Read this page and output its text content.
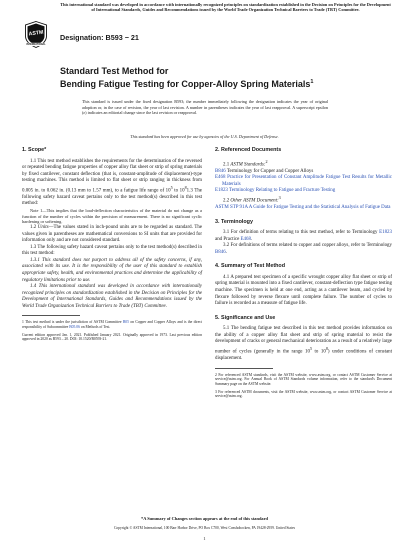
This international standard was developed in accordance with internationally recognized principles on standardization established in the Decision on Principles for the Development of International Standards, Guides and Recommendations issued by the World Trade Organization Technical Barriers to Trade (TBT) Committee.
ASTM
INTERNATIONAL
Designation: B593 − 21
Standard Test Method for
Bending Fatigue Testing for Copper-Alloy Spring Materials$^1$
This standard is issued under the fixed designation B593; the number immediately following the designation indicates the year of original adoption or, in the case of revision, the year of last revision. A number in parentheses indicates the year of last reapproval. A superscript epsilon (ε) indicates an editorial change since the last revision or reapproval.
This standard has been approved for use by agencies of the U.S. Department of Defense.
1. Scope*

1.1 This test method establishes the requirements for the determination of the reversed or repeated bending fatigue properties of copper alloy flat sheet or strip of spring materials by fixed cantilever, constant deflection (that is, constant-amplitude of displacement)-type testing machines. This method is limited to flat sheet or strip ranging in thickness from 0.005 in. to 0.062 in. (0.13 mm to 1.57 mm), to a fatigue life range of $10^5$ to $10^81.3$ The following safety hazard caveat pertains only to the test method(s) described in this test method:

Note 1—This implies that the load-deflection characteristics of the material do not change as a function of the number of cycles within the precision of measurement. There is no significant cyclic hardening or softening.

1.2 Units—The values stated in inch-pound units are to be regarded as standard. The values given in parentheses are mathematical conversions to SI units that are provided for information only and are not considered standard.

1.3 The following safety hazard caveat pertains only to the test method(s) described in this test method:

1.3.1 This standard does not purport to address all of the safety concerns, if any, associated with its use. It is the responsibility of the user of this standard to establish appropriate safety, health, and environmental practices and determine the applicability of regulatory limitations prior to use.

1.4 This international standard was developed in accordance with internationally recognized principles on standardization established in the Decision on Principles for the Development of International Standards, Guides and Recommendations issued by the World Trade Organization Technical Barriers to Trade (TBT) Committee.

1 This test method is under the jurisdiction of ASTM Committee B05 on Copper and Copper Alloys and is the direct responsibility of Subcommittee B05.06 on Methods of Test.

Current edition approved Jan. 1, 2021. Published January 2021. Originally approved in 1973. Last previous edition approved in 2020 as B593 – 20. DOI: 10.1520/B0593-21.

2. Referenced Documents

2.1 ASTM Standards:$^2$

B846 Terminology for Copper and Copper Alloys

E468 Practice for Presentation of Constant Amplitude Fatigue Test Results for Metallic Materials

E1823 Terminology Relating to Fatigue and Fracture Testing

2.2 Other ASTM Document:$^3$

ASTM STP 91A A Guide for Fatigue Testing and the Statistical Analysis of Fatigue Data

3. Terminology

3.1 For definition of terms relating to this test method, refer to Terminology E1823 and Practice E468.

3.2 For definitions of terms related to copper and copper alloys, refer to Terminology B846.

4. Summary of Test Method

4.1 A prepared test specimen of a specific wrought copper alloy flat sheet or strip of spring material is mounted into a fixed cantilever, constant-deflection type fatigue testing machine. The specimen is held at one end, acting as a cantilever beam, and cycled by flexure followed by reverse flexure until complete failure. The number of cycles to failure is recorded as a measure of fatigue life.

5. Significance and Use

5.1 The bending fatigue test described in this test method provides information on the ability of a copper alloy flat sheet and strip of spring material to resist the development of cracks or general mechanical deterioration as a result of a relatively large number of cycles (generally in the range $10^5$ to $10^8$) under conditions of constant displacement.

2 For referenced ASTM standards, visit the ASTM website, www.astm.org, or contact ASTM Customer Service at service@astm.org. For Annual Book of ASTM Standards volume information, refer to the standard's Document Summary page on the ASTM website.

3 For referenced ASTM documents, visit the ASTM website, www.astm.org, or contact ASTM Customer Service at service@astm.org.

*A Summary of Changes section appears at the end of this standard
Copyright © ASTM International, 100 Barr Harbor Drive, PO Box C700, West Conshohocken, PA 19428-2959. United States
1
